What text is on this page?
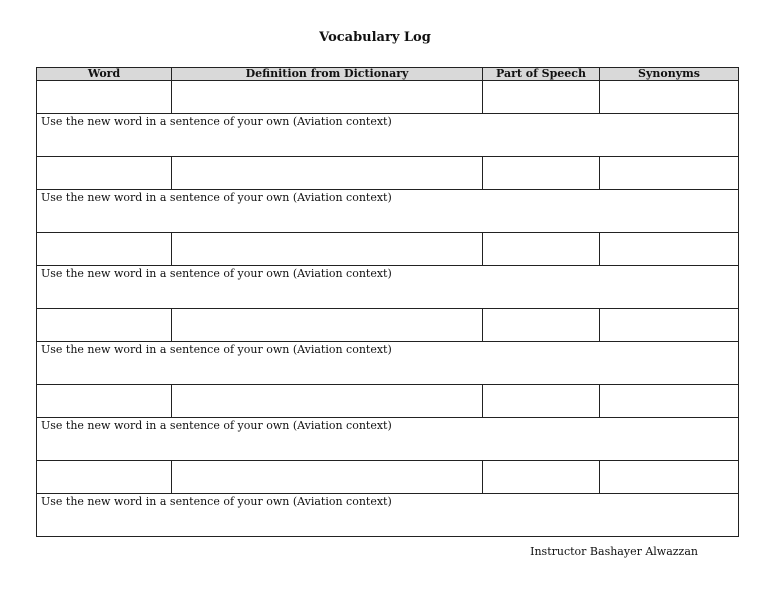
Vocabulary Log
Word	Definition from Dictionary	Part of Speech	Synonyms

Use the new word in a sentence of your own (Aviation context)			

Use the new word in a sentence of your own (Aviation context)			

Use the new word in a sentence of your own (Aviation context)			

Use the new word in a sentence of your own (Aviation context)			

Use the new word in a sentence of your own (Aviation context)			

Use the new word in a sentence of your own (Aviation context)			
Instructor Bashayer Alwazzan
